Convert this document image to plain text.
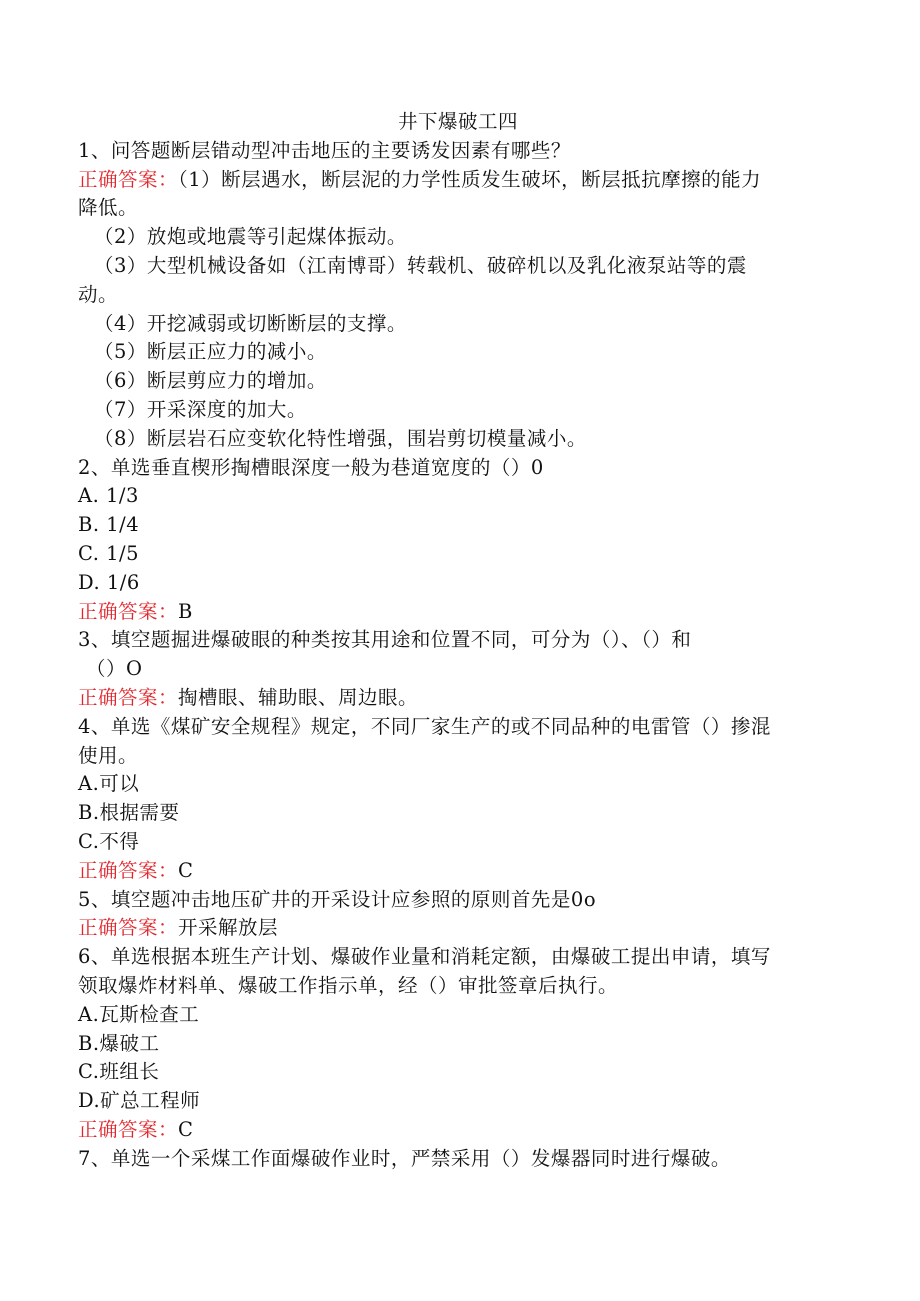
井下爆破工四
1、问答题断层错动型冲击地压的主要诱发因素有哪些？
正确答案：（1）断层遇水，断层泥的力学性质发生破坏，断层抵抗摩擦的能力
降低。
（2）放炮或地震等引起煤体振动。
（3）大型机械设备如（江南博哥）转载机、破碎机以及乳化液泵站等的震
动。
（4）开挖减弱或切断断层的支撑。
（5）断层正应力的减小。
（6）断层剪应力的增加。
（7）开采深度的加大。
（8）断层岩石应变软化特性增强，围岩剪切模量减小。
2、单选垂直楔形掏槽眼深度一般为巷道宽度的（）0
A. 1/3
B. 1/4
C. 1/5
D. 1/6
正确答案：B
3、填空题掘进爆破眼的种类按其用途和位置不同，可分为（）、（）和
（）O
正确答案：掏槽眼、辅助眼、周边眼。
4、单选《煤矿安全规程》规定，不同厂家生产的或不同品种的电雷管（）掺混
使用。
A.可以
B.根据需要
C.不得
正确答案：C
5、填空题冲击地压矿井的开采设计应参照的原则首先是0o
正确答案：开采解放层
6、单选根据本班生产计划、爆破作业量和消耗定额，由爆破工提出申请，填写
领取爆炸材料单、爆破工作指示单，经（）审批签章后执行。
A.瓦斯检查工
B.爆破工
C.班组长
D.矿总工程师
正确答案：C
7、单选一个采煤工作面爆破作业时，严禁采用（）发爆器同时进行爆破。
